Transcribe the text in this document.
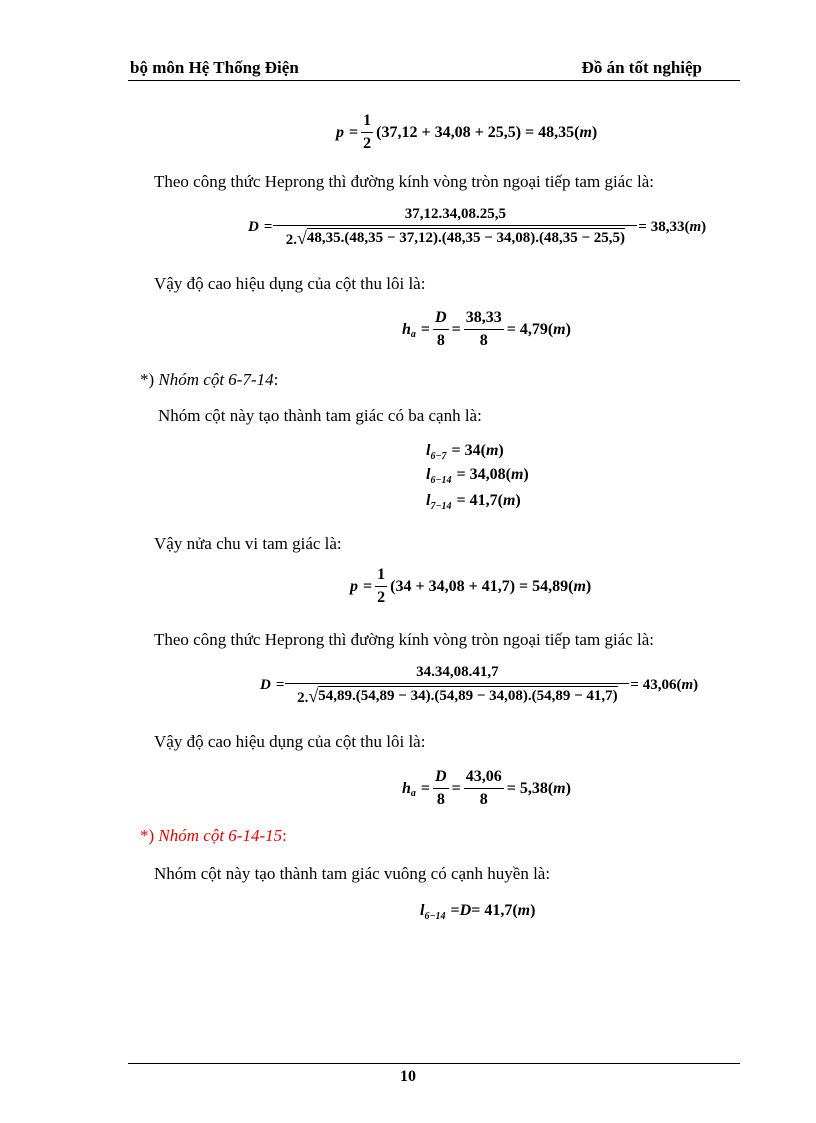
bộ môn Hệ Thống Điện	Đồ án tốt nghiệp
$p = \frac{1}{2} (37,12 + 34,08 + 25,5) = 48,35$( m )
Theo công thức Heprong thì đường kính vòng tròn ngoại tiếp tam giác là:
$D = \frac{37,12.34,08.25,5}{2. √ 48,35.(48,35 - 37,12).(48,35 - 34,08).(48,35 - 25,5)} = 38,33$( m )
Vậy độ cao hiệu dụng của cột thu lôi là:
h $a = \frac{D}{8} = \frac{38,33}{8} = 4,79$( m )
*) Nhóm cột 6-7-14:
Nhóm cột này tạo thành tam giác có ba cạnh là:
l 6−7 = 34( m )
l 6−14 = 34,08( m )
l 7−14 = 41,7( m )
Vậy nửa chu vi tam giác là:
$p = \frac{1}{2} (34 + 34,08 + 41,7) = 54,89$( m )
Theo công thức Heprong thì đường kính vòng tròn ngoại tiếp tam giác là:
$D = \frac{34.34,08.41,7}{2. √ 54,89.(54,89 - 34).(54,89 - 34,08).(54,89 - 41,7)} = 43,06$( m )
Vậy độ cao hiệu dụng của cột thu lôi là:
h $a = \frac{D}{8} = \frac{43,06}{8} = 5,38$( m )
*) Nhóm cột 6-14-15:
Nhóm cột này tạo thành tam giác vuông có cạnh huyền là:
l 6−14 = D = 41,7( m )
10
